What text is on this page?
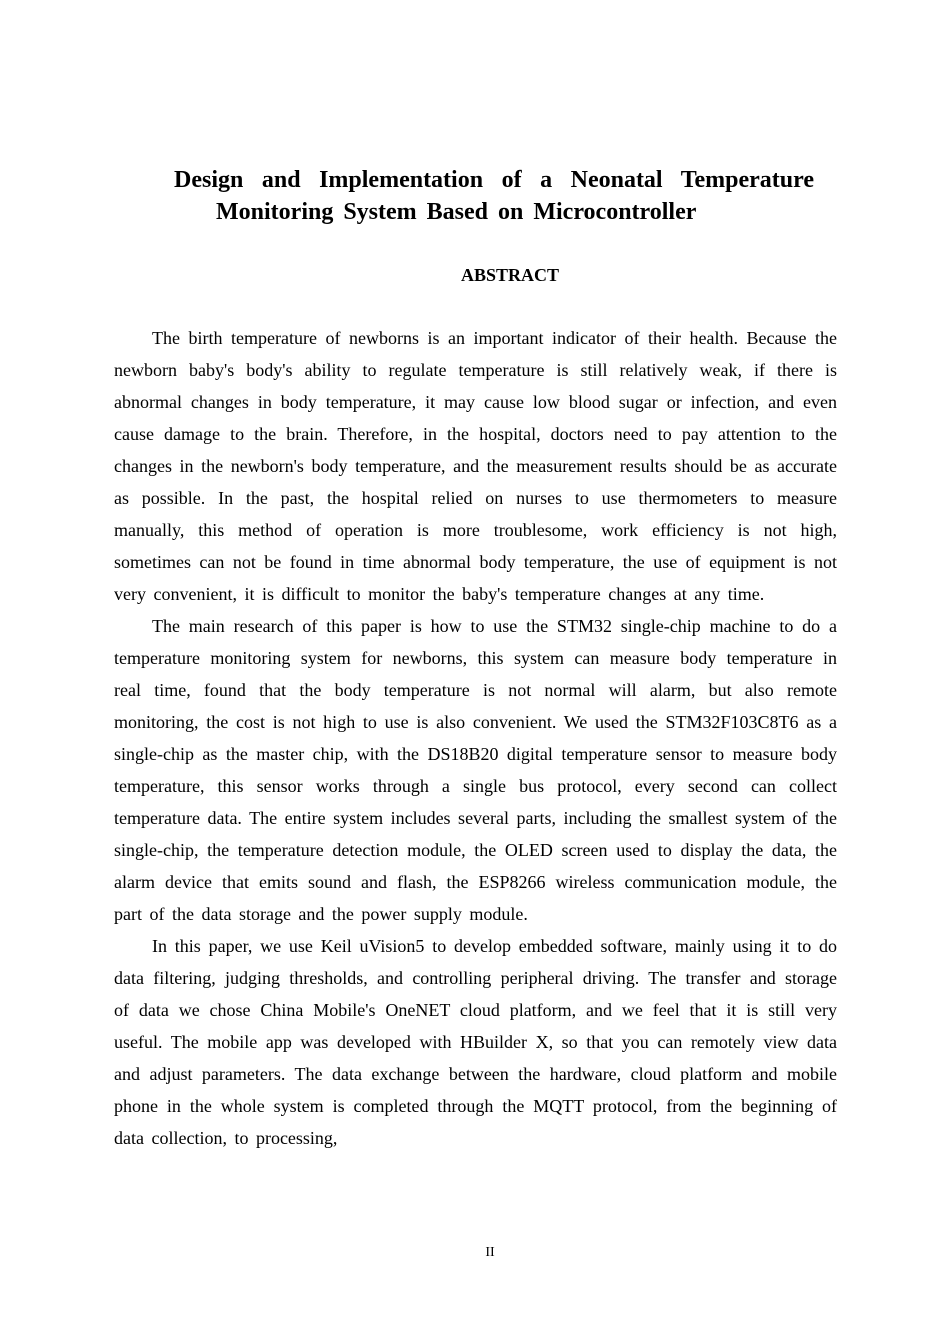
Design and Implementation of a Neonatal Temperature
Monitoring System Based on Microcontroller
ABSTRACT

The birth temperature of newborns is an important indicator of their health. Because the newborn baby's body's ability to regulate temperature is still relatively weak, if there is abnormal changes in body temperature, it may cause low blood sugar or infection, and even cause damage to the brain. Therefore, in the hospital, doctors need to pay attention to the changes in the newborn's body temperature, and the measurement results should be as accurate as possible. In the past, the hospital relied on nurses to use thermometers to measure manually, this method of operation is more troublesome, work efficiency is not high, sometimes can not be found in time abnormal body temperature, the use of equipment is not very convenient, it is difficult to monitor the baby's temperature changes at any time.

The main research of this paper is how to use the STM32 single-chip machine to do a temperature monitoring system for newborns, this system can measure body temperature in real time, found that the body temperature is not normal will alarm, but also remote monitoring, the cost is not high to use is also convenient. We used the STM32F103C8T6 as a single-chip as the master chip, with the DS18B20 digital temperature sensor to measure body temperature, this sensor works through a single bus protocol, every second can collect temperature data. The entire system includes several parts, including the smallest system of the single-chip, the temperature detection module, the OLED screen used to display the data, the alarm device that emits sound and flash, the ESP8266 wireless communication module, the part of the data storage and the power supply module.

In this paper, we use Keil uVision5 to develop embedded software, mainly using it to do data filtering, judging thresholds, and controlling peripheral driving. The transfer and storage of data we chose China Mobile's OneNET cloud platform, and we feel that it is still very useful. The mobile app was developed with HBuilder X, so that you can remotely view data and adjust parameters. The data exchange between the hardware, cloud platform and mobile phone in the whole system is completed through the MQTT protocol, from the beginning of data collection, to processing,

II
